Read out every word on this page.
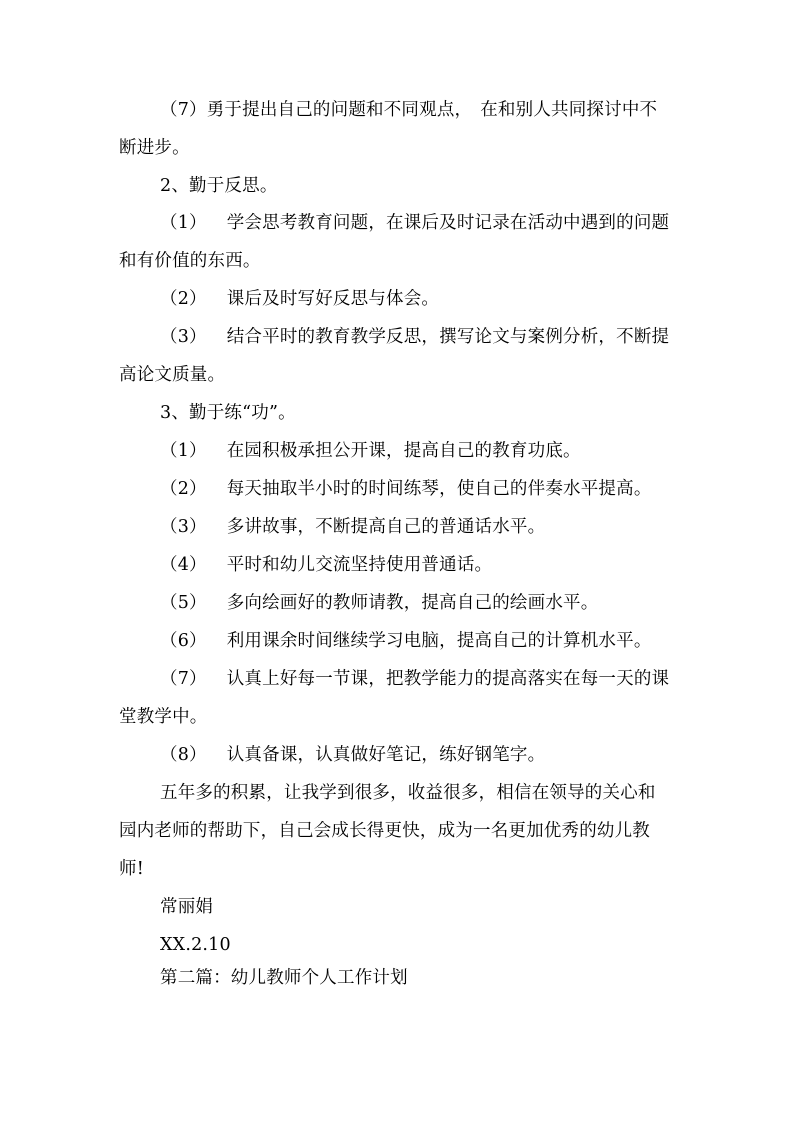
（7）勇于提出自己的问题和不同观点， 在和别人共同探讨中不
断进步。
2、勤于反思。
（1） 学会思考教育问题，在课后及时记录在活动中遇到的问题
和有价值的东西。
（2） 课后及时写好反思与体会。
（3） 结合平时的教育教学反思，撰写论文与案例分析，不断提
高论文质量。
3、勤于练“功”。
（1） 在园积极承担公开课，提高自己的教育功底。
（2） 每天抽取半小时的时间练琴，使自己的伴奏水平提高。
（3） 多讲故事，不断提高自己的普通话水平。
（4） 平时和幼儿交流坚持使用普通话。
（5） 多向绘画好的教师请教，提高自己的绘画水平。
（6） 利用课余时间继续学习电脑，提高自己的计算机水平。
（7） 认真上好每一节课，把教学能力的提高落实在每一天的课
堂教学中。
（8） 认真备课，认真做好笔记，练好钢笔字。
五年多的积累，让我学到很多，收益很多，相信在领导的关心和
园内老师的帮助下，自己会成长得更快，成为一名更加优秀的幼儿教
师!
常丽娟
XX.2.10
第二篇：幼儿教师个人工作计划
